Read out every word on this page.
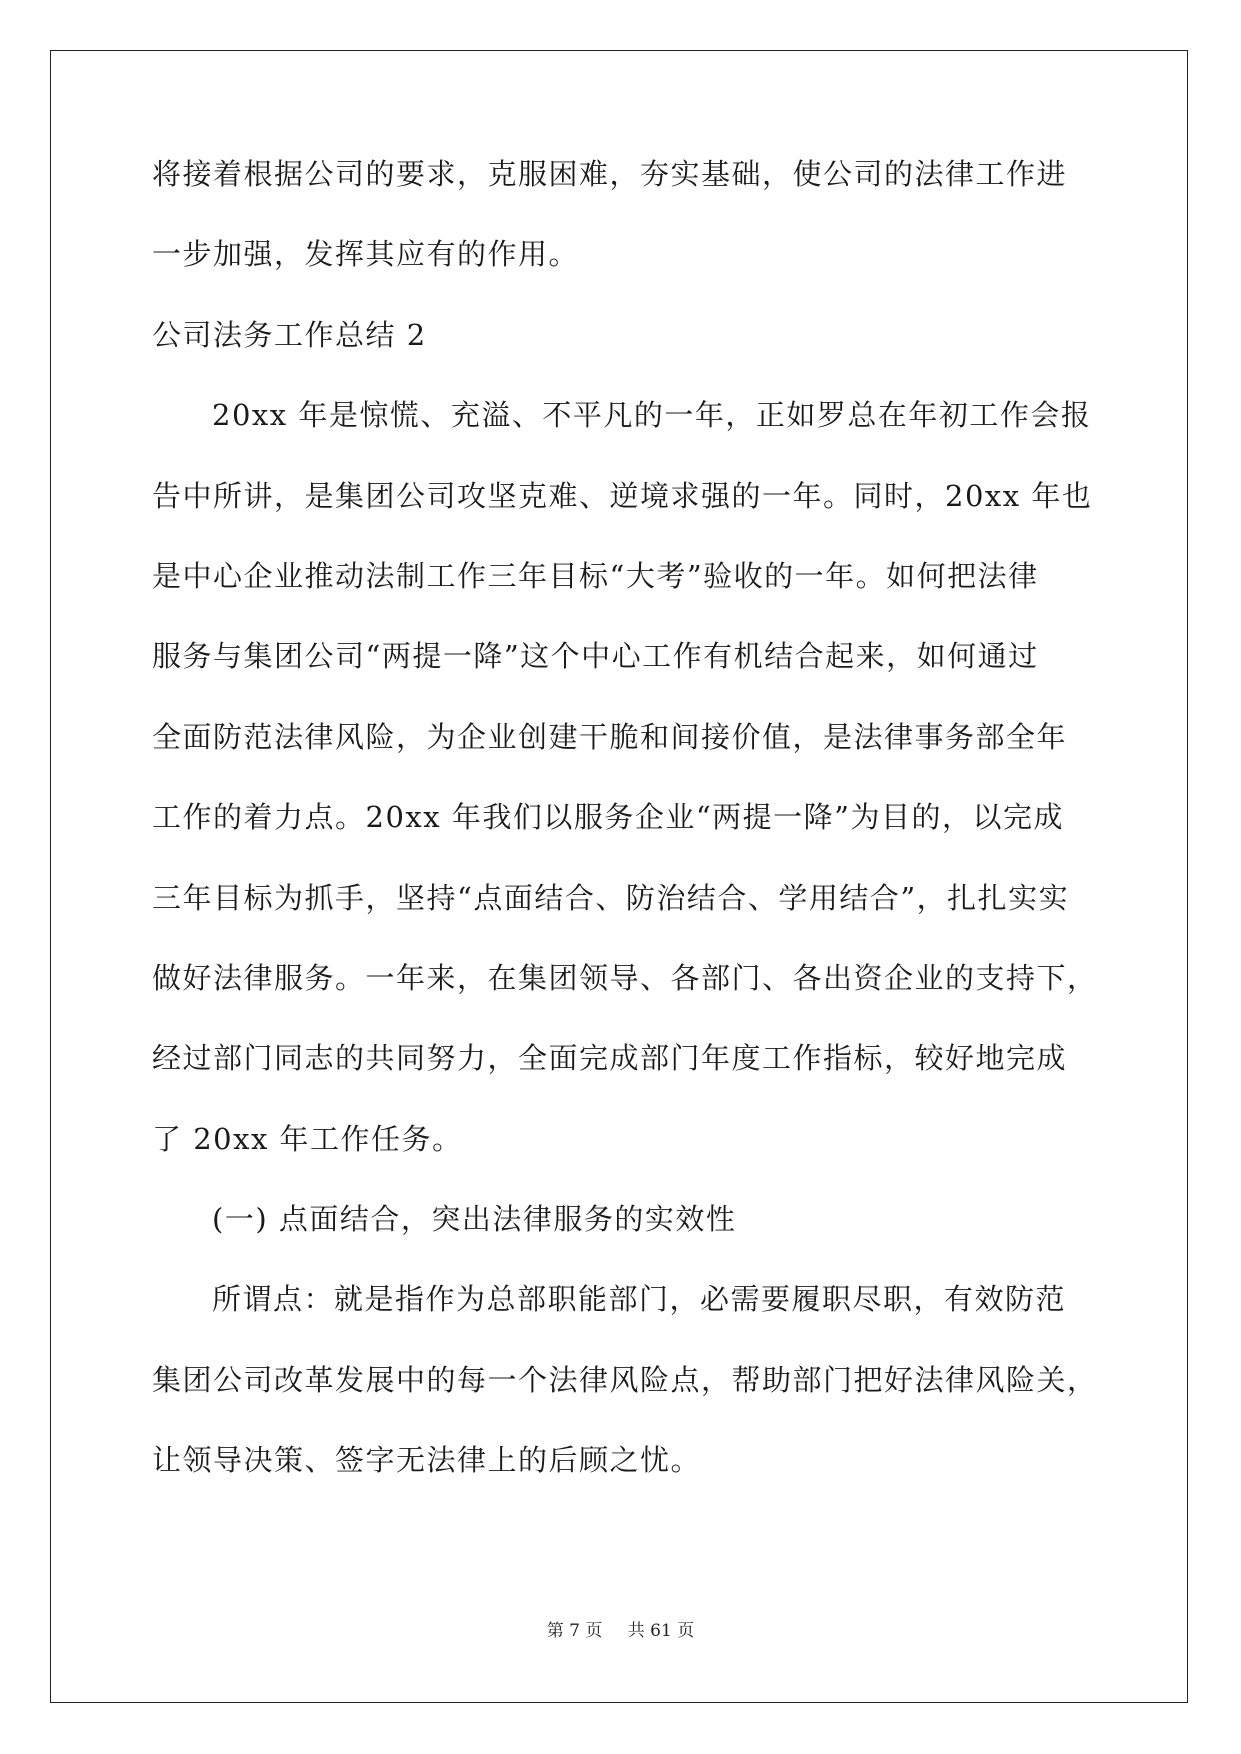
将接着根据公司的要求，克服困难，夯实基础，使公司的法律工作进
一步加强，发挥其应有的作用。
公司法务工作总结 2
20xx 年是惊慌、充溢、不平凡的一年，正如罗总在年初工作会报
告中所讲，是集团公司攻坚克难、逆境求强的一年。同时，20xx 年也
是中心企业推动法制工作三年目标“大考”验收的一年。如何把法律
服务与集团公司“两提一降”这个中心工作有机结合起来，如何通过
全面防范法律风险，为企业创建干脆和间接价值，是法律事务部全年
工作的着力点。20xx 年我们以服务企业“两提一降”为目的，以完成
三年目标为抓手，坚持“点面结合、防治结合、学用结合”，扎扎实实
做好法律服务。一年来，在集团领导、各部门、各出资企业的支持下，
经过部门同志的共同努力，全面完成部门年度工作指标，较好地完成
了 20xx 年工作任务。
(一) 点面结合，突出法律服务的实效性
所谓点：就是指作为总部职能部门，必需要履职尽职，有效防范
集团公司改革发展中的每一个法律风险点，帮助部门把好法律风险关，
让领导决策、签字无法律上的后顾之忧。
第 7 页 共 61 页
